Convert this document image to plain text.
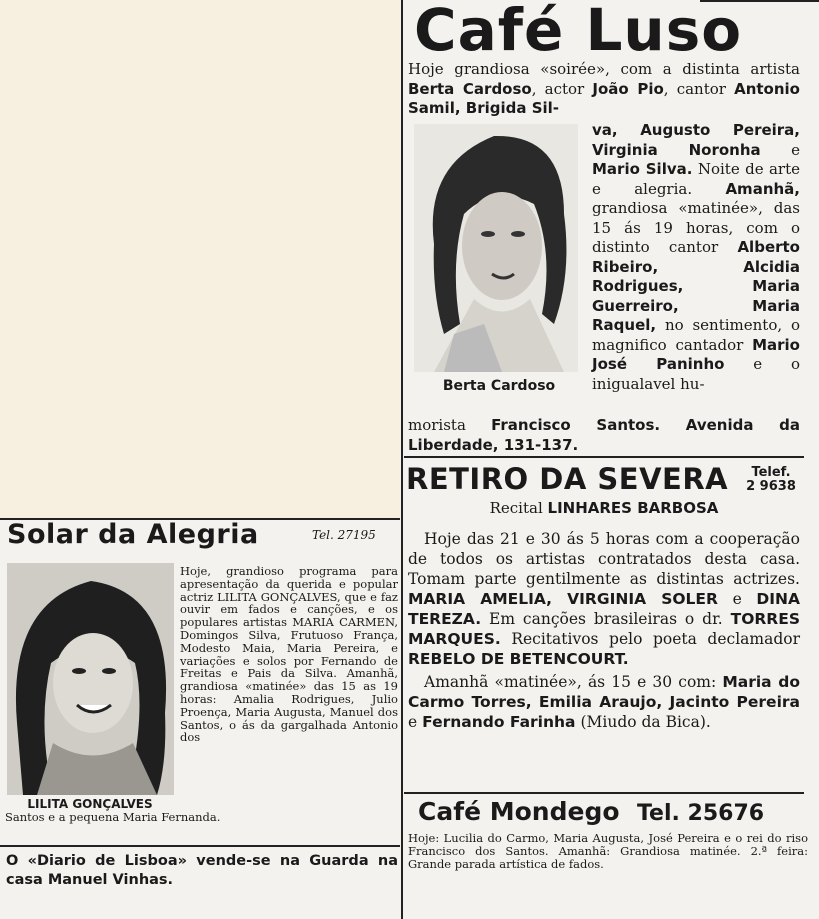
Café Luso

Hoje grandiosa «soirée», com a distinta artista Berta Cardoso, actor João Pio, cantor Antonio Samil, Brigida Sil-

Berta Cardoso

va, Augusto Pereira, Virginia Noronha e Mario Silva. Noite de arte e alegria. Amanhã, grandiosa «matinée», das 15 ás 19 horas, com o distinto cantor Alberto Ribeiro, Alcidia Rodrigues, Maria Guerreiro, Maria Raquel, no sentimento, o magnifico cantador Mario José Paninho e o inigualavel hu-

morista Francisco Santos. Avenida da Liberdade, 131-137.

RETIRO DA SEVERA	Telef.
2 9638
Recital LINHARES BARBOSA

Hoje das 21 e 30 ás 5 horas com a cooperação de todos os artistas contratados desta casa. Tomam parte gentilmente as distintas actrizes. MARIA AMELIA, VIRGINIA SOLER e DINA TEREZA. Em canções brasileiras o dr. TORRES MARQUES. Recitativos pelo poeta declamador REBELO DE BETENCOURT.

Amanhã «matinée», ás 15 e 30 com: Maria do Carmo Torres, Emilia Araujo, Jacinto Pereira e Fernando Farinha (Miudo da Bica).

Café Mondego Tel. 25676

Hoje: Lucilia do Carmo, Maria Augusta, José Pereira e o rei do riso Francisco dos Santos. Amanhã: Grandiosa matinée. 2.ª feira: Grande parada artística de fados.

Solar da Alegria	Tel. 27195
LILITA GONÇALVES

Hoje, grandioso programa para apresentação da querida e popular actriz LILITA GONÇALVES, que e faz ouvir em fados e canções, e os populares artistas MARIA CARMEN, Domingos Silva, Frutuoso França, Modesto Maia, Maria Pereira, e variações e solos por Fernando de Freitas e Pais da Silva. Amanhã, grandiosa «matinée» das 15 as 19 horas: Amalia Rodrigues, Julio Proença, Maria Augusta, Manuel dos Santos, o ás da gargalhada Antonio dos

Santos e a pequena Maria Fernanda.

O «Diario de Lisboa» vende-se na Guarda na casa Manuel Vinhas.
